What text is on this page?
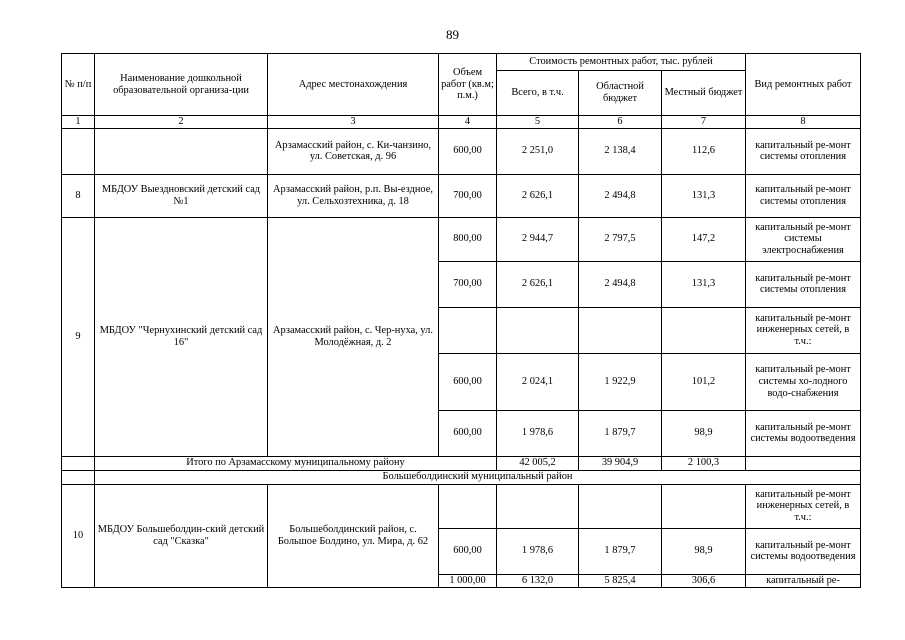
89
№ п/п	Наименование дошкольной образовательной организа-ции	Адрес местонахождения	Объем работ (кв.м; п.м.)	Стоимость ремонтных работ, тыс. рублей			Вид ремонтных работ
				Всего, в т.ч.	Областной бюджет	Местный бюджет	
1	2	3	4	5	6	7	8
		Арзамасский район, с. Ки-чанзино, ул. Советская, д. 96	600,00	2 251,0	2 138,4	112,6	капитальный ре-монт системы отопления
8	МБДОУ Выездновский детский сад №1	Арзамасский район, р.п. Вы-ездное, ул. Сельхозтехника, д. 18	700,00	2 626,1	2 494,8	131,3	капитальный ре-монт системы отопления
9	МБДОУ "Чернухинский детский сад 16"	Арзамасский район, с. Чер-нуха, ул. Молодёжная, д. 2	800,00	2 944,7	2 797,5	147,2	капитальный ре-монт системы электроснабжения
			700,00	2 626,1	2 494,8	131,3	капитальный ре-монт системы отопления
							капитальный ре-монт инженерных сетей, в т.ч.:
			600,00	2 024,1	1 922,9	101,2	капитальный ре-монт системы хо-лодного водо-снабжения
			600,00	1 978,6	1 879,7	98,9	капитальный ре-монт системы водоотведения
	Итого по Арзамасскому муниципальному району			42 005,2	39 904,9	2 100,3	
	Большеболдинский муниципальный район						
10	МБДОУ Большеболдин-ский детский сад "Сказка"	Большеболдинский район, с. Большое Болдино, ул. Мира, д. 62					капитальный ре-монт инженерных сетей, в т.ч.:
			600,00	1 978,6	1 879,7	98,9	капитальный ре-монт системы водоотведения
			1 000,00	6 132,0	5 825,4	306,6	капитальный ре-
